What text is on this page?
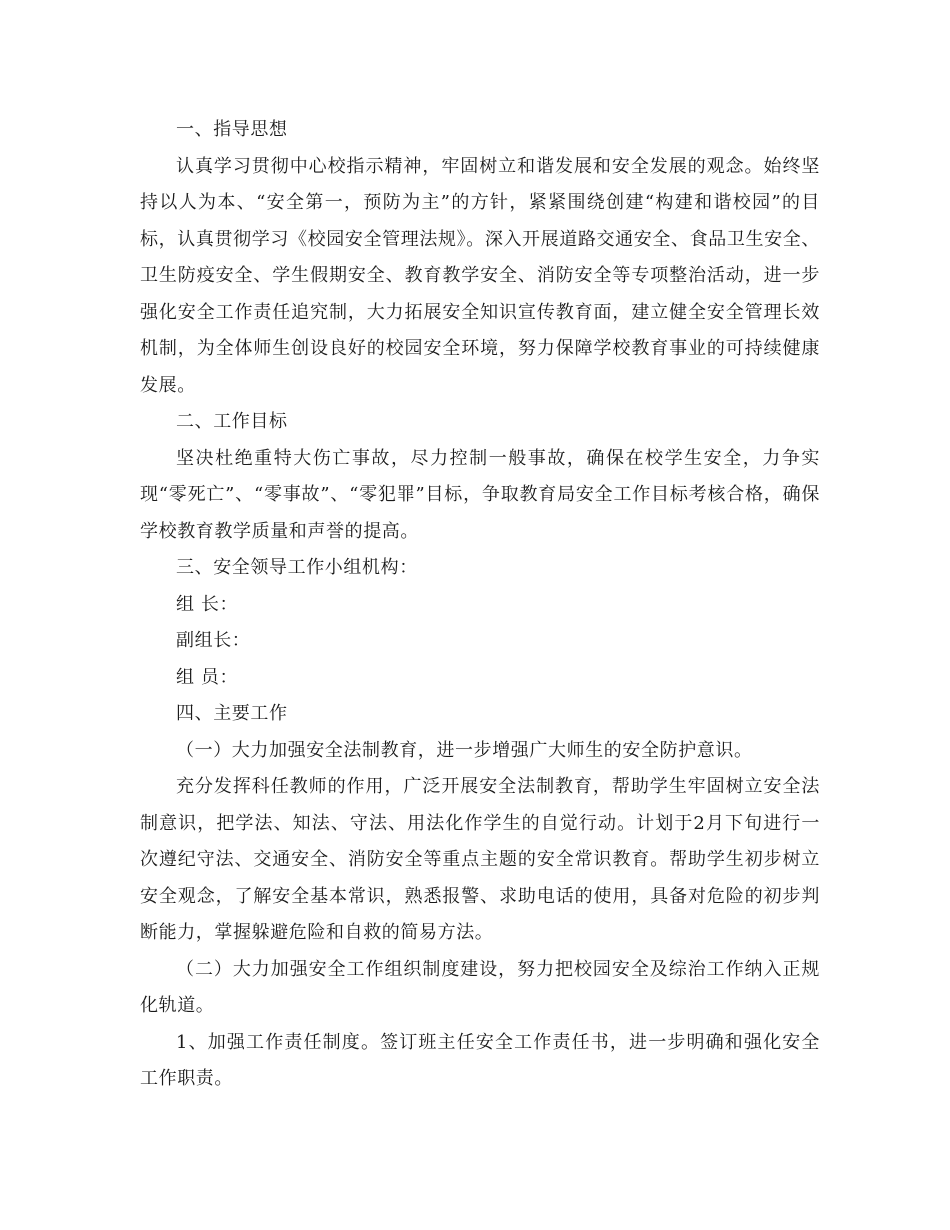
一、指导思想

认真学习贯彻中心校指示精神，牢固树立和谐发展和安全发展的观念。始终坚持以人为本、“安全第一，预防为主”的方针，紧紧围绕创建“构建和谐校园”的目标，认真贯彻学习《校园安全管理法规》。深入开展道路交通安全、食品卫生安全、卫生防疫安全、学生假期安全、教育教学安全、消防安全等专项整治活动，进一步强化安全工作责任追究制，大力拓展安全知识宣传教育面，建立健全安全管理长效机制，为全体师生创设良好的校园安全环境，努力保障学校教育事业的可持续健康发展。

二、工作目标

坚决杜绝重特大伤亡事故，尽力控制一般事故，确保在校学生安全，力争实现“零死亡”、“零事故”、“零犯罪”目标，争取教育局安全工作目标考核合格，确保学校教育教学质量和声誉的提高。

三、安全领导工作小组机构：

组 长：

副组长：

组 员：

四、主要工作

（一）大力加强安全法制教育，进一步增强广大师生的安全防护意识。

充分发挥科任教师的作用，广泛开展安全法制教育，帮助学生牢固树立安全法制意识，把学法、知法、守法、用法化作学生的自觉行动。计划于2月下旬进行一次遵纪守法、交通安全、消防安全等重点主题的安全常识教育。帮助学生初步树立安全观念，了解安全基本常识，熟悉报警、求助电话的使用，具备对危险的初步判断能力，掌握躲避危险和自救的简易方法。

（二）大力加强安全工作组织制度建设，努力把校园安全及综治工作纳入正规化轨道。

1、加强工作责任制度。签订班主任安全工作责任书，进一步明确和强化安全工作职责。
